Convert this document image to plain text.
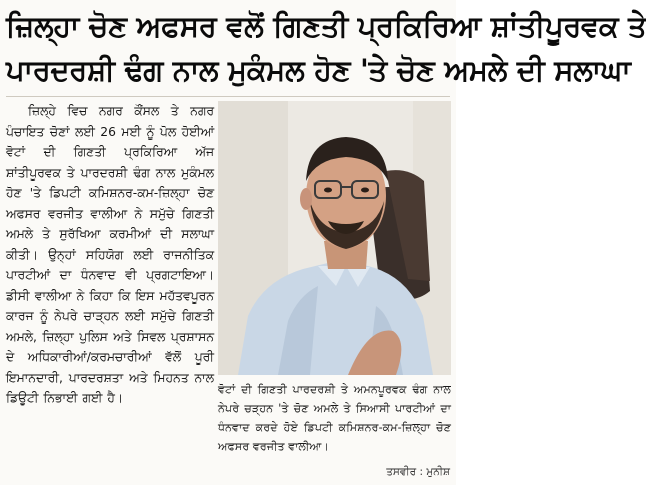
ਜ਼ਿਲ੍ਹਾ ਚੋਣ ਅਫਸਰ ਵਲੋਂ ਗਿਣਤੀ ਪ੍ਰਕਿਰਿਆ ਸ਼ਾਂਤੀਪੂਰਵਕ ਤੇ
ਪਾਰਦਰਸ਼ੀ ਢੰਗ ਨਾਲ ਮੁਕੰਮਲ ਹੋਣ 'ਤੇ ਚੋਣ ਅਮਲੇ ਦੀ ਸਲਾਘਾ
ਜ਼ਿਲ੍ਹੇ ਵਿਚ ਨਗਰ ਕੌਂਸਲ ਤੇ ਨਗਰ ਪੰਚਾਇਤ ਚੋਣਾਂ ਲਈ 26 ਮਈ ਨੂੰ ਪੋਲ ਹੋਈਆਂ ਵੋਟਾਂ ਦੀ ਗਿਣਤੀ ਪ੍ਰਕਿਰਿਆ ਅੱਜ ਸ਼ਾਂਤੀਪੂਰਵਕ ਤੇ ਪਾਰਦਰਸ਼ੀ ਢੰਗ ਨਾਲ ਮੁਕੰਮਲ ਹੋਣ 'ਤੇ ਡਿਪਟੀ ਕਮਿਸ਼ਨਰ-ਕਮ-ਜ਼ਿਲ੍ਹਾ ਚੋਣ ਅਫਸਰ ਵਰਜੀਤ ਵਾਲੀਆ ਨੇ ਸਮੁੱਚੇ ਗਿਣਤੀ ਅਮਲੇ ਤੇ ਸੁਰੱਖਿਆ ਕਰਮੀਆਂ ਦੀ ਸਲਾਘਾ ਕੀਤੀ। ਉਨ੍ਹਾਂ ਸਹਿਯੋਗ ਲਈ ਰਾਜਨੀਤਿਕ ਪਾਰਟੀਆਂ ਦਾ ਧੰਨਵਾਦ ਵੀ ਪ੍ਰਗਟਾਇਆ। ਡੀਸੀ ਵਾਲੀਆ ਨੇ ਕਿਹਾ ਕਿ ਇਸ ਮਹੱਤਵਪੂਰਨ ਕਾਰਜ ਨੂੰ ਨੇਪਰੇ ਚਾੜ੍ਹਨ ਲਈ ਸਮੁੱਚੇ ਗਿਣਤੀ ਅਮਲੇ, ਜ਼ਿਲ੍ਹਾ ਪੁਲਿਸ ਅਤੇ ਸਿਵਲ ਪ੍ਰਸ਼ਾਸਨ ਦੇ ਅਧਿਕਾਰੀਆਂ/ਕਰਮਚਾਰੀਆਂ ਵੱਲੋਂ ਪੂਰੀ ਇਮਾਨਦਾਰੀ, ਪਾਰਦਰਸ਼ਤਾ ਅਤੇ ਮਿਹਨਤ ਨਾਲ ਡਿਊਟੀ ਨਿਭਾਈ ਗਈ ਹੈ।
ਵੋਟਾਂ ਦੀ ਗਿਣਤੀ ਪਾਰਦਰਸ਼ੀ ਤੇ ਅਮਨਪੂਰਵਕ ਢੰਗ ਨਾਲ ਨੇਪਰੇ ਚੜ੍ਹਨ 'ਤੇ ਚੋਣ ਅਮਲੇ ਤੇ ਸਿਆਸੀ ਪਾਰਟੀਆਂ ਦਾ ਧੰਨਵਾਦ ਕਰਦੇ ਹੋਏ ਡਿਪਟੀ ਕਮਿਸ਼ਨਰ-ਕਮ-ਜ਼ਿਲ੍ਹਾ ਚੋਣ ਅਫਸਰ ਵਰਜੀਤ ਵਾਲੀਆ।
ਤਸਵੀਰ : ਮੁਨੀਸ਼
